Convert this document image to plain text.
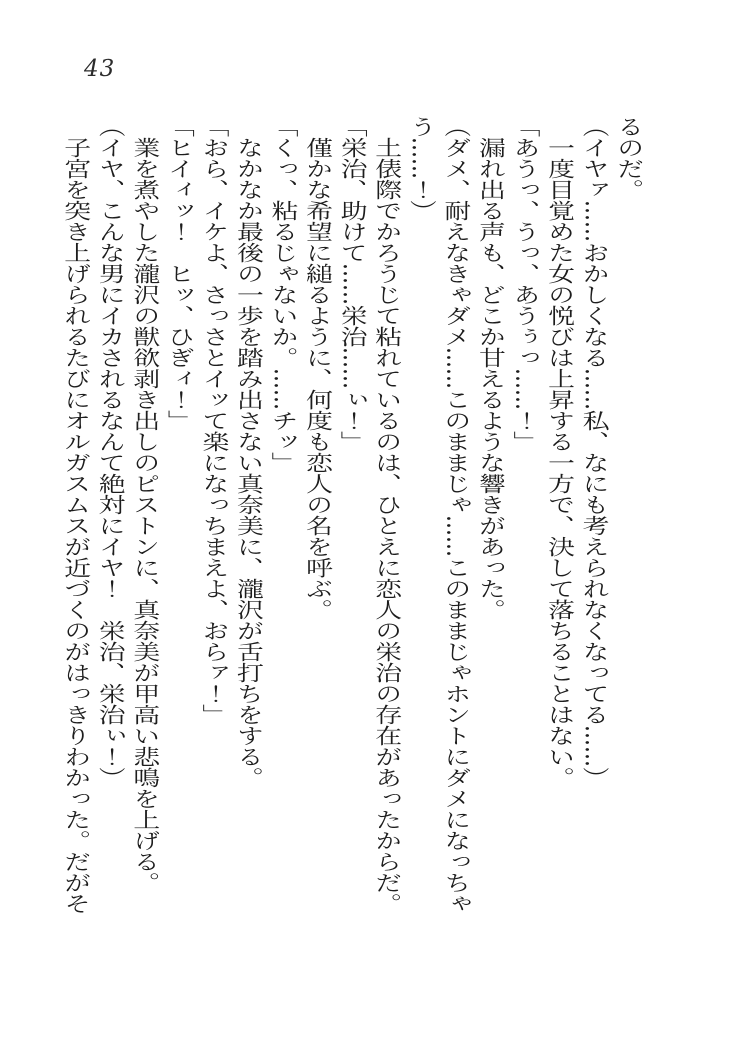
43

るのだ。

（イヤァ……おかしくなる……私、なにも考えられなくなってる……）

　一度目覚めた女の悦びは上昇する一方で、決して落ちることはない。

「あうっ、うっ、あうぅっ……！」

　漏れ出る声も、どこか甘えるような響きがあった。

（ダメ、耐えなきゃダメ……このままじゃ……このままじゃホントにダメになっちゃう……！）

　土俵際でかろうじて粘れているのは、ひとえに恋人の栄治の存在があったからだ。

「栄治、助けて……栄治……ぃ！」

　僅かな希望に縋るように、何度も恋人の名を呼ぶ。

「くっ、粘るじゃないか。……チッ」

　なかなか最後の一歩を踏み出さない真奈美に、瀧沢が舌打ちをする。

「おら、イケよ、さっさとイッて楽になっちまえよ、おらァ！」

「ヒイィッ！　ヒッ、ひぎィ！」

　業を煮やした瀧沢の獣欲剥き出しのピストンに、真奈美が甲高い悲鳴を上げる。

（イヤ、こんな男にイカされるなんて絶対にイヤ！　栄治、栄治ぃ！）

　子宮を突き上げられるたびにオルガスムスが近づくのがはっきりわかった。だがそ
